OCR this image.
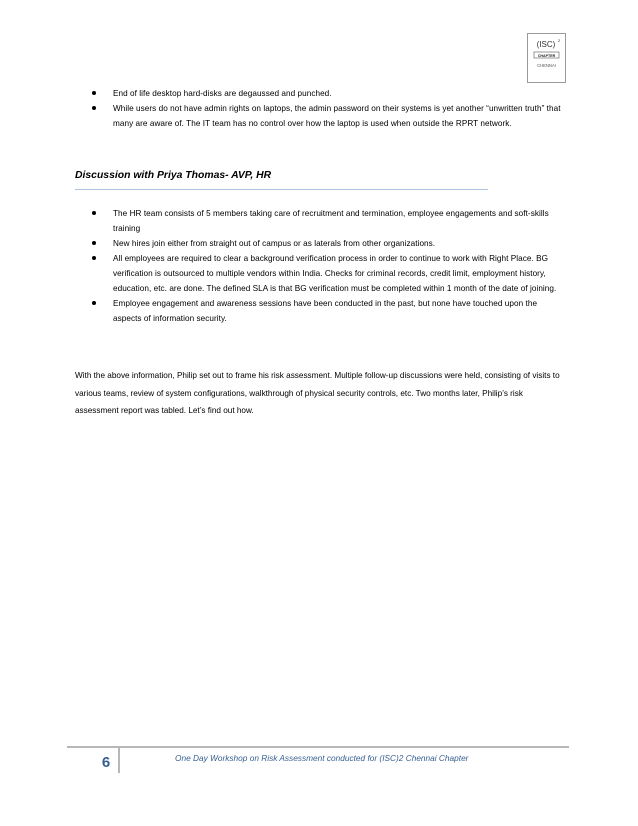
(ISC) 2
CHAPTER
CHENNAI
End of life desktop hard-disks are degaussed and punched.
While users do not have admin rights on laptops, the admin password on their systems is yet another “unwritten truth” that many are aware of. The IT team has no control over how the laptop is used when outside the RPRT network.
Discussion with Priya Thomas- AVP, HR
The HR team consists of 5 members taking care of recruitment and termination, employee engagements and soft-skills training
New hires join either from straight out of campus or as laterals from other organizations.
All employees are required to clear a background verification process in order to continue to work with Right Place. BG verification is outsourced to multiple vendors within India. Checks for criminal records, credit limit, employment history, education, etc. are done. The defined SLA is that BG verification must be completed within 1 month of the date of joining.
Employee engagement and awareness sessions have been conducted in the past, but none have touched upon the aspects of information security.

With the above information, Philip set out to frame his risk assessment. Multiple follow-up discussions were held, consisting of visits to various teams, review of system configurations, walkthrough of physical security controls, etc. Two months later, Philip’s risk assessment report was tabled. Let’s find out how.

6	One Day Workshop on Risk Assessment conducted for (ISC)2 Chennai Chapter
